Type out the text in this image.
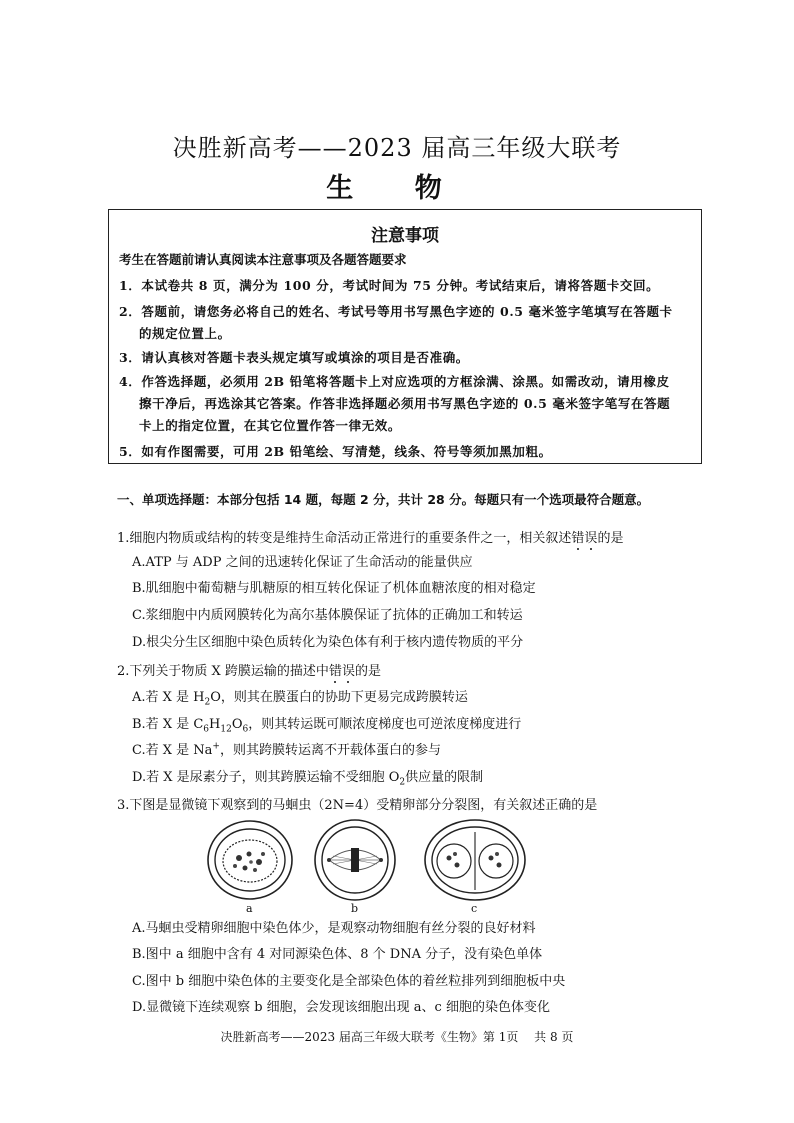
决胜新高考——2023 届高三年级大联考
生 物
注意事项
考生在答题前请认真阅读本注意事项及各题答题要求
1．本试卷共 8 页，满分为 100 分，考试时间为 75 分钟。考试结束后，请将答题卡交回。
2．答题前，请您务必将自己的姓名、考试号等用书写黑色字迹的 0.5 毫米签字笔填写在答题卡
的规定位置上。
3．请认真核对答题卡表头规定填写或填涂的项目是否准确。
4．作答选择题，必须用 2B 铅笔将答题卡上对应选项的方框涂满、涂黑。如需改动，请用橡皮
擦干净后，再选涂其它答案。作答非选择题必须用书写黑色字迹的 0.5 毫米签字笔写在答题
卡上的指定位置，在其它位置作答一律无效。
5．如有作图需要，可用 2B 铅笔绘、写清楚，线条、符号等须加黑加粗。
一、单项选择题：本部分包括 14 题，每题 2 分，共计 28 分。每题只有一个选项最符合题意。
1.细胞内物质或结构的转变是维持生命活动正常进行的重要条件之一，相关叙述错误的是
A.ATP 与 ADP 之间的迅速转化保证了生命活动的能量供应
B.肌细胞中葡萄糖与肌糖原的相互转化保证了机体血糖浓度的相对稳定
C.浆细胞中内质网膜转化为高尔基体膜保证了抗体的正确加工和转运
D.根尖分生区细胞中染色质转化为染色体有利于核内遗传物质的平分
2.下列关于物质 X 跨膜运输的描述中错误的是
A.若 X 是 $H_2O$，则其在膜蛋白的协助下更易完成跨膜转运
B.若 X 是 $C_6H_{12}O_6$，则其转运既可顺浓度梯度也可逆浓度梯度进行
C.若 X 是 Na+，则其跨膜转运离不开载体蛋白的参与
D.若 X 是尿素分子，则其跨膜运输不受细胞 $O_2$供应量的限制
3.下图是显微镜下观察到的马蛔虫（2N=4）受精卵部分分裂图，有关叙述正确的是
a	b	c
A.马蛔虫受精卵细胞中染色体少，是观察动物细胞有丝分裂的良好材料
B.图中 a 细胞中含有 4 对同源染色体、8 个 DNA 分子，没有染色单体
C.图中 b 细胞中染色体的主要变化是全部染色体的着丝粒排列到细胞板中央
D.显微镜下连续观察 b 细胞，会发现该细胞出现 a、c 细胞的染色体变化
决胜新高考——2023 届高三年级大联考《生物》第 1页　 共 8 页
